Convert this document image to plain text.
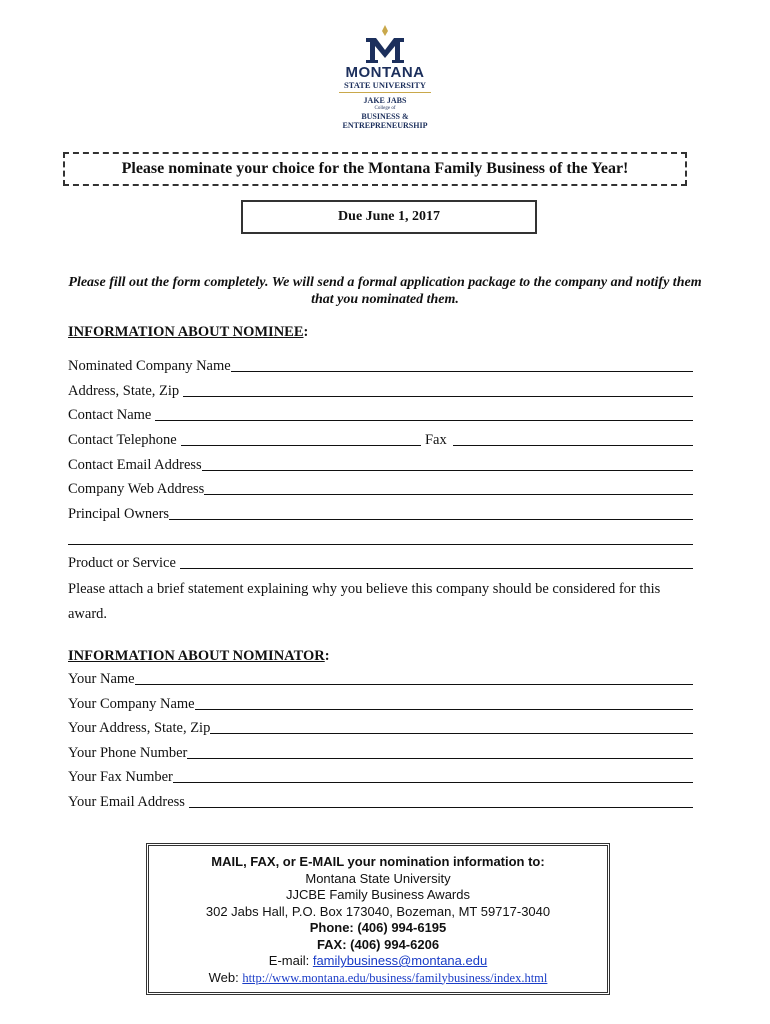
MONTANA
STATE UNIVERSITY
JAKE JABS
College of
BUSINESS &
ENTREPRENEURSHIP
Please nominate your choice for the Montana Family Business of the Year!
Due June 1, 2017
Please fill out the form completely. We will send a formal application package to the company and notify them that you nominated them.
INFORMATION ABOUT NOMINEE:
Nominated Company Name
Address, State, Zip
Contact Name
Contact Telephone	Fax
Contact Email Address
Company Web Address
Principal Owners
Product or Service
Please attach a brief statement explaining why you believe this company should be considered for this award.
INFORMATION ABOUT NOMINATOR:
Your Name
Your Company Name
Your Address, State, Zip
Your Phone Number
Your Fax Number
Your Email Address
MAIL, FAX, or E-MAIL your nomination information to:
Montana State University
JJCBE Family Business Awards
302 Jabs Hall, P.O. Box 173040, Bozeman, MT 59717-3040
Phone: (406) 994-6195
FAX: (406) 994-6206
E-mail: familybusiness@montana.edu
Web: http://www.montana.edu/business/familybusiness/index.html
